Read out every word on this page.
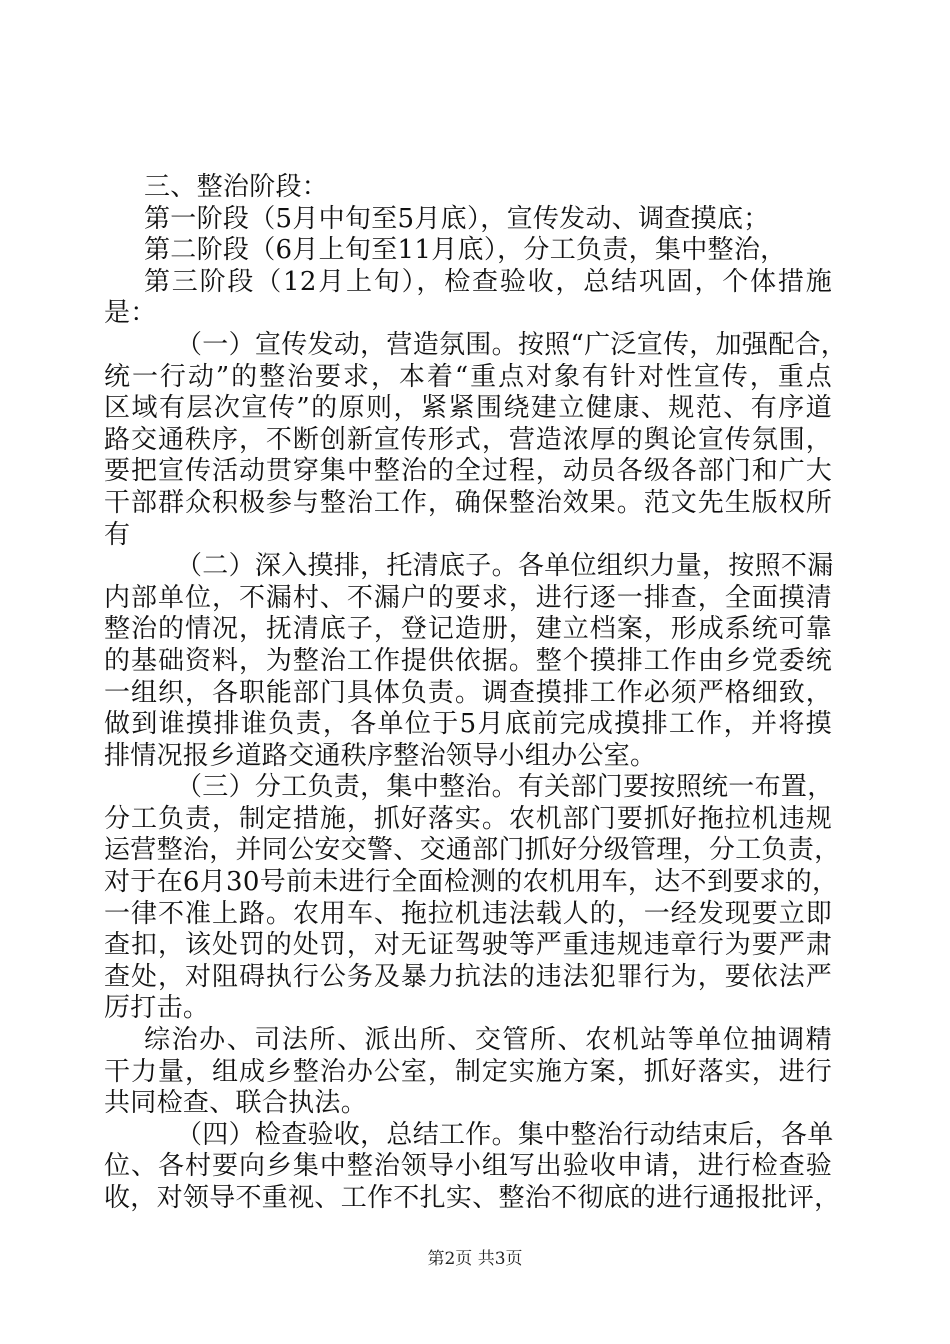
三、整治阶段：
第一阶段（5月中旬至5月底），宣传发动、调查摸底；
第二阶段（6月上旬至11月底），分工负责，集中整治，
第三阶段（12月上旬），检查验收，总结巩固，个体措施
是：
（一）宣传发动，营造氛围。按照“广泛宣传，加强配合，
统一行动”的整治要求，本着“重点对象有针对性宣传，重点
区域有层次宣传”的原则，紧紧围绕建立健康、规范、有序道
路交通秩序，不断创新宣传形式，营造浓厚的舆论宣传氛围，
要把宣传活动贯穿集中整治的全过程，动员各级各部门和广大
干部群众积极参与整治工作，确保整治效果。范文先生版权所
有
（二）深入摸排，托清底子。各单位组织力量，按照不漏
内部单位，不漏村、不漏户的要求，进行逐一排查，全面摸清
整治的情况，抚清底子，登记造册，建立档案，形成系统可靠
的基础资料，为整治工作提供依据。整个摸排工作由乡党委统
一组织，各职能部门具体负责。调查摸排工作必须严格细致，
做到谁摸排谁负责，各单位于5月底前完成摸排工作，并将摸
排情况报乡道路交通秩序整治领导小组办公室。
（三）分工负责，集中整治。有关部门要按照统一布置，
分工负责，制定措施，抓好落实。农机部门要抓好拖拉机违规
运营整治，并同公安交警、交通部门抓好分级管理，分工负责，
对于在6月30号前未进行全面检测的农机用车，达不到要求的，
一律不准上路。农用车、拖拉机违法载人的，一经发现要立即
查扣，该处罚的处罚，对无证驾驶等严重违规违章行为要严肃
查处，对阻碍执行公务及暴力抗法的违法犯罪行为，要依法严
厉打击。
综治办、司法所、派出所、交管所、农机站等单位抽调精
干力量，组成乡整治办公室，制定实施方案，抓好落实，进行
共同检查、联合执法。
（四）检查验收，总结工作。集中整治行动结束后，各单
位、各村要向乡集中整治领导小组写出验收申请，进行检查验
收，对领导不重视、工作不扎实、整治不彻底的进行通报批评，
第2页 共3页
